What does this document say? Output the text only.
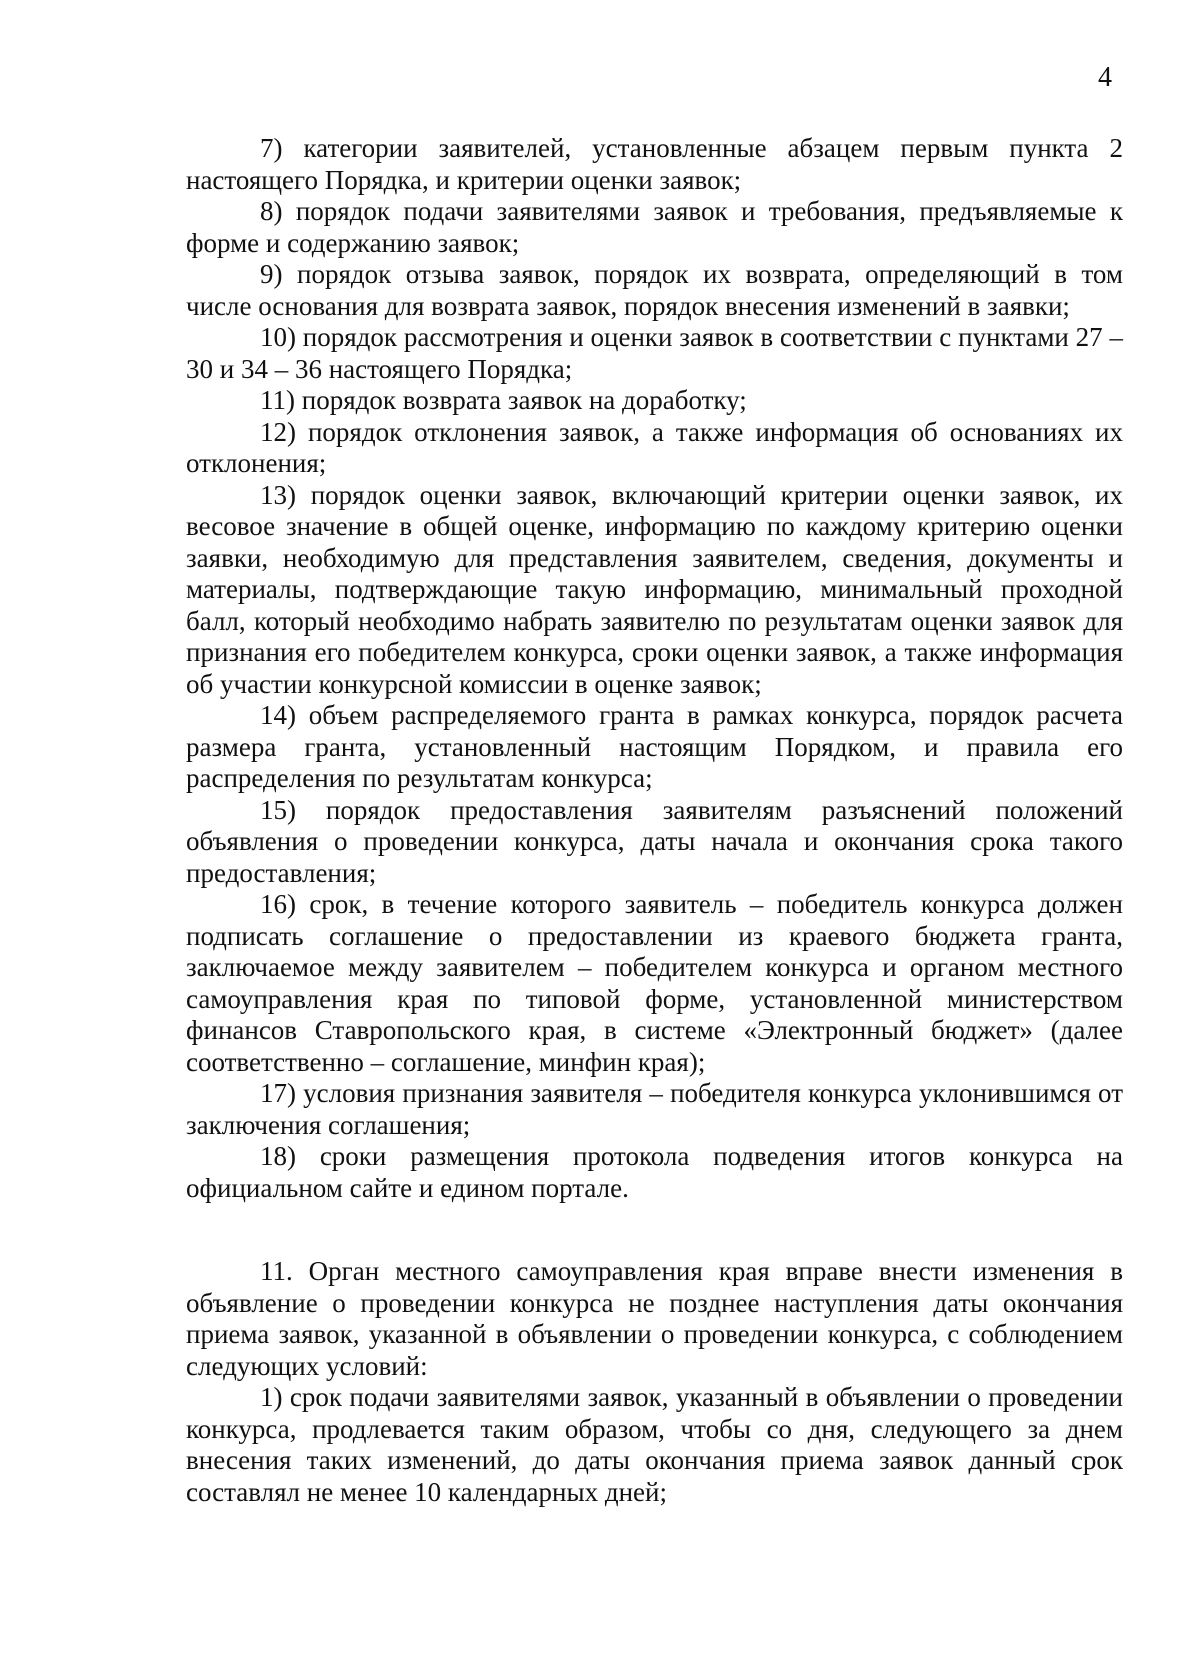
4

7) категории заявителей, установленные абзацем первым пункта 2 настоящего Порядка, и критерии оценки заявок;

8) порядок подачи заявителями заявок и требования, предъявляемые к форме и содержанию заявок;

9) порядок отзыва заявок, порядок их возврата, определяющий в том числе основания для возврата заявок, порядок внесения изменений в заявки;

10) порядок рассмотрения и оценки заявок в соответствии с пунктами 27 – 30 и 34 – 36 настоящего Порядка;

11) порядок возврата заявок на доработку;

12) порядок отклонения заявок, а также информация об основаниях их отклонения;

13) порядок оценки заявок, включающий критерии оценки заявок, их весовое значение в общей оценке, информацию по каждому критерию оценки заявки, необходимую для представления заявителем, сведения, документы и материалы, подтверждающие такую информацию, минимальный проходной балл, который необходимо набрать заявителю по результатам оценки заявок для признания его победителем конкурса, сроки оценки заявок, а также информация об участии конкурсной комиссии в оценке заявок;

14) объем распределяемого гранта в рамках конкурса, порядок расчета размера гранта, установленный настоящим Порядком, и правила его распределения по результатам конкурса;

15) порядок предоставления заявителям разъяснений положений объявления о проведении конкурса, даты начала и окончания срока такого предоставления;

16) срок, в течение которого заявитель – победитель конкурса должен подписать соглашение о предоставлении из краевого бюджета гранта, заключаемое между заявителем – победителем конкурса и органом местного самоуправления края по типовой форме, установленной министерством финансов Ставропольского края, в системе «Электронный бюджет» (далее соответственно – соглашение, минфин края);

17) условия признания заявителя – победителя конкурса уклонившимся от заключения соглашения;

18) сроки размещения протокола подведения итогов конкурса на официальном сайте и едином портале.

11. Орган местного самоуправления края вправе внести изменения в объявление о проведении конкурса не позднее наступления даты окончания приема заявок, указанной в объявлении о проведении конкурса, с соблюдением следующих условий:

1) срок подачи заявителями заявок, указанный в объявлении о проведении конкурса, продлевается таким образом, чтобы со дня, следующего за днем внесения таких изменений, до даты окончания приема заявок данный срок составлял не менее 10 календарных дней;
